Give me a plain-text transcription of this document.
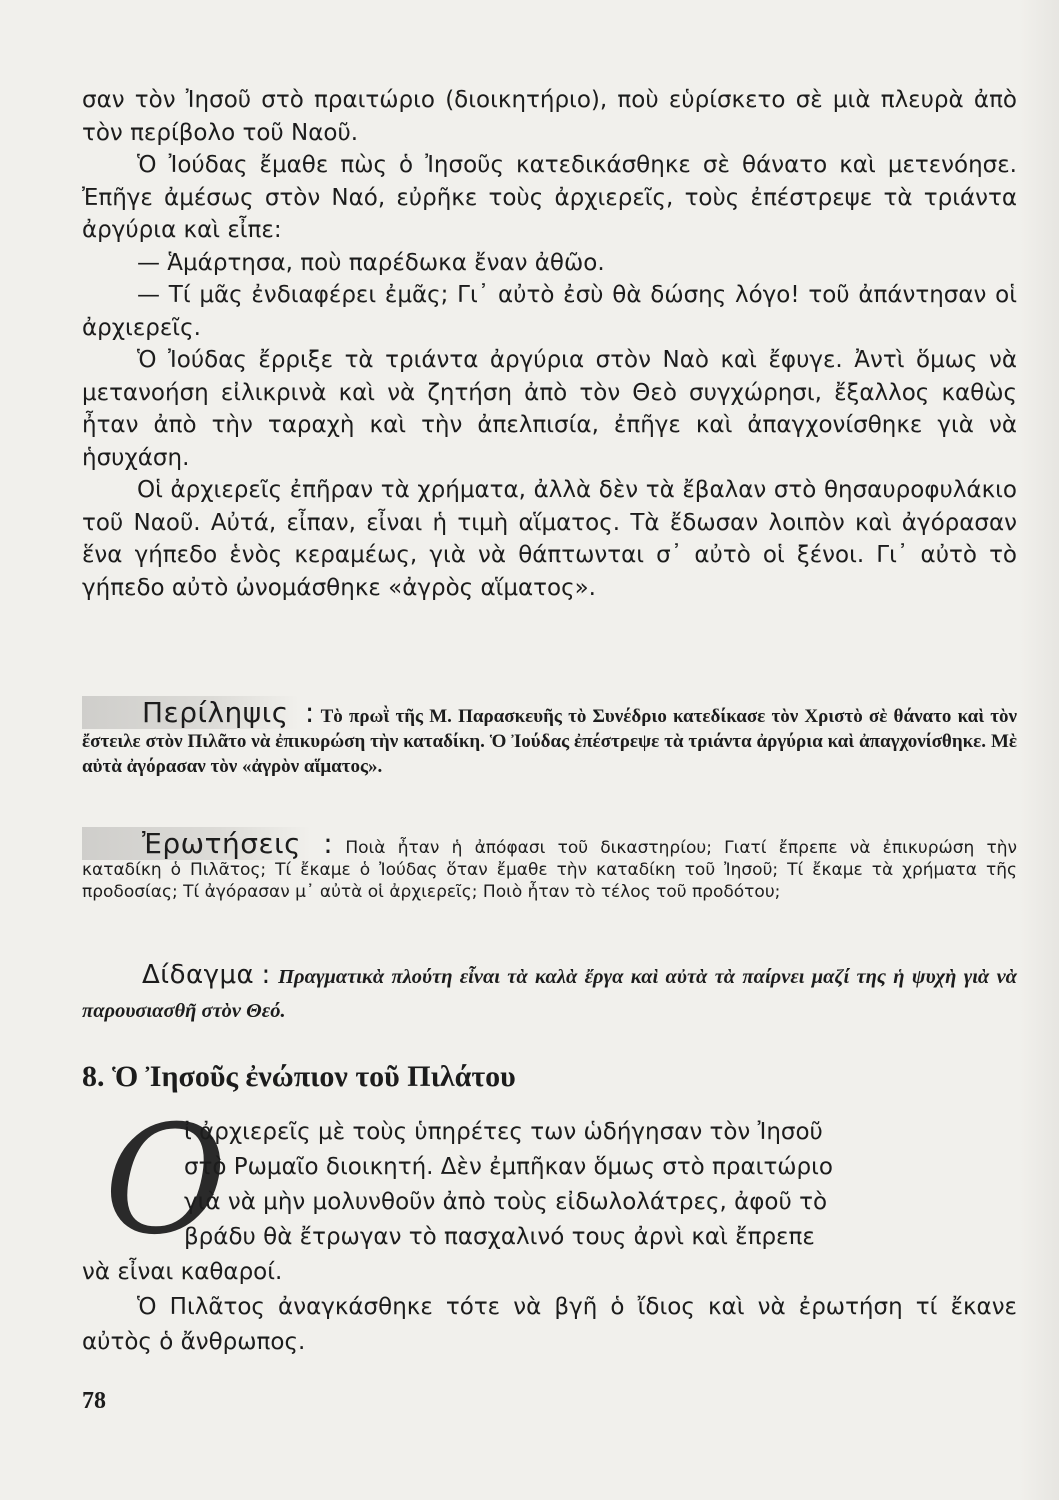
σαν τὸν Ἰησοῦ στὸ πραιτώριο (διοικητήριο), ποὺ εὑρίσκετο σὲ μιὰ πλευρὰ ἀπὸ τὸν περίβολο τοῦ Ναοῦ.

Ὁ Ἰούδας ἔμαθε πὼς ὁ Ἰησοῦς κατεδικάσθηκε σὲ θάνατο καὶ μετενόησε. Ἐπῆγε ἀμέσως στὸν Ναό, εὐρῆκε τοὺς ἀρχιερεῖς, τοὺς ἐπέστρεψε τὰ τριάντα ἀργύρια καὶ εἶπε:

— Ἁμάρτησα, ποὺ παρέδωκα ἔναν ἀθῶο.

— Τί μᾶς ἐνδιαφέρει ἐμᾶς; Γι᾿ αὐτὸ ἐσὺ θὰ δώσης λόγο! τοῦ ἀπάντησαν οἱ ἀρχιερεῖς.

Ὁ Ἰούδας ἔρριξε τὰ τριάντα ἀργύρια στὸν Ναὸ καὶ ἔφυγε. Ἀντὶ ὅμως νὰ μετανοήση εἰλικρινὰ καὶ νὰ ζητήση ἀπὸ τὸν Θεὸ συγχώρησι, ἔξαλλος καθὼς ἦταν ἀπὸ τὴν ταραχὴ καὶ τὴν ἀπελπισία, ἐπῆγε καὶ ἀπαγχονίσθηκε γιὰ νὰ ἡσυχάση.

Οἱ ἀρχιερεῖς ἐπῆραν τὰ χρήματα, ἀλλὰ δὲν τὰ ἔβαλαν στὸ θησαυροφυλάκιο τοῦ Ναοῦ. Αὐτά, εἶπαν, εἶναι ἡ τιμὴ αἵματος. Τὰ ἔδωσαν λοιπὸν καὶ ἀγόρασαν ἕνα γήπεδο ἑνὸς κεραμέως, γιὰ νὰ θάπτωνται σ᾿ αὐτὸ οἱ ξένοι. Γι᾿ αὐτὸ τὸ γήπεδο αὐτὸ ὠνομάσθηκε «ἀγρὸς αἵματος».

Περίληψις : Τὸ πρωῒ τῆς Μ. Παρασκευῆς τὸ Συνέδριο κατεδίκασε τὸν Χριστὸ σὲ θάνατο καὶ τὸν ἔστειλε στὸν Πιλᾶτο νὰ ἐπικυρώση τὴν καταδίκη. Ὁ Ἰούδας ἐπέστρεψε τὰ τριάντα ἀργύρια καὶ ἀπαγχονίσθηκε. Μὲ αὐτὰ ἀγόρασαν τὸν «ἀγρὸν αἵματος».
Ἐρωτήσεις : Ποιὰ ἦταν ἡ ἀπόφασι τοῦ δικαστηρίου; Γιατί ἔπρεπε νὰ ἐπικυρώση τὴν καταδίκη ὁ Πιλᾶτος; Τί ἔκαμε ὁ Ἰούδας ὅταν ἔμαθε τὴν καταδίκη τοῦ Ἰησοῦ; Τί ἔκαμε τὰ χρήματα τῆς προδοσίας; Τί ἀγόρασαν μ᾿ αὐτὰ οἱ ἀρχιερεῖς; Ποιὸ ἦταν τὸ τέλος τοῦ προδότου;
Δίδαγμα : Πραγματικὰ πλούτη εἶναι τὰ καλὰ ἔργα καὶ αὐτὰ τὰ παίρνει μαζί της ἡ ψυχὴ γιὰ νὰ παρουσιασθῆ στὸν Θεό.
8. Ὁ Ἰησοῦς ἐνώπιον τοῦ Πιλάτου
O

ἰ ἀρχιερεῖς μὲ τοὺς ὑπηρέτες των ὡδήγησαν τὸν Ἰησοῦ

στὸ Ρωμαῖο διοικητή. Δὲν ἐμπῆκαν ὅμως στὸ πραιτώριο

γιὰ νὰ μὴν μολυνθοῦν ἀπὸ τοὺς εἰδωλολάτρες, ἀφοῦ τὸ

βράδυ θὰ ἔτρωγαν τὸ πασχαλινό τους ἀρνὶ καὶ ἔπρεπε

νὰ εἶναι καθαροί.

Ὁ Πιλᾶτος ἀναγκάσθηκε τότε νὰ βγῆ ὁ ἴδιος καὶ νὰ ἐρωτήση τί ἔκανε αὐτὸς ὁ ἄνθρωπος.

78
